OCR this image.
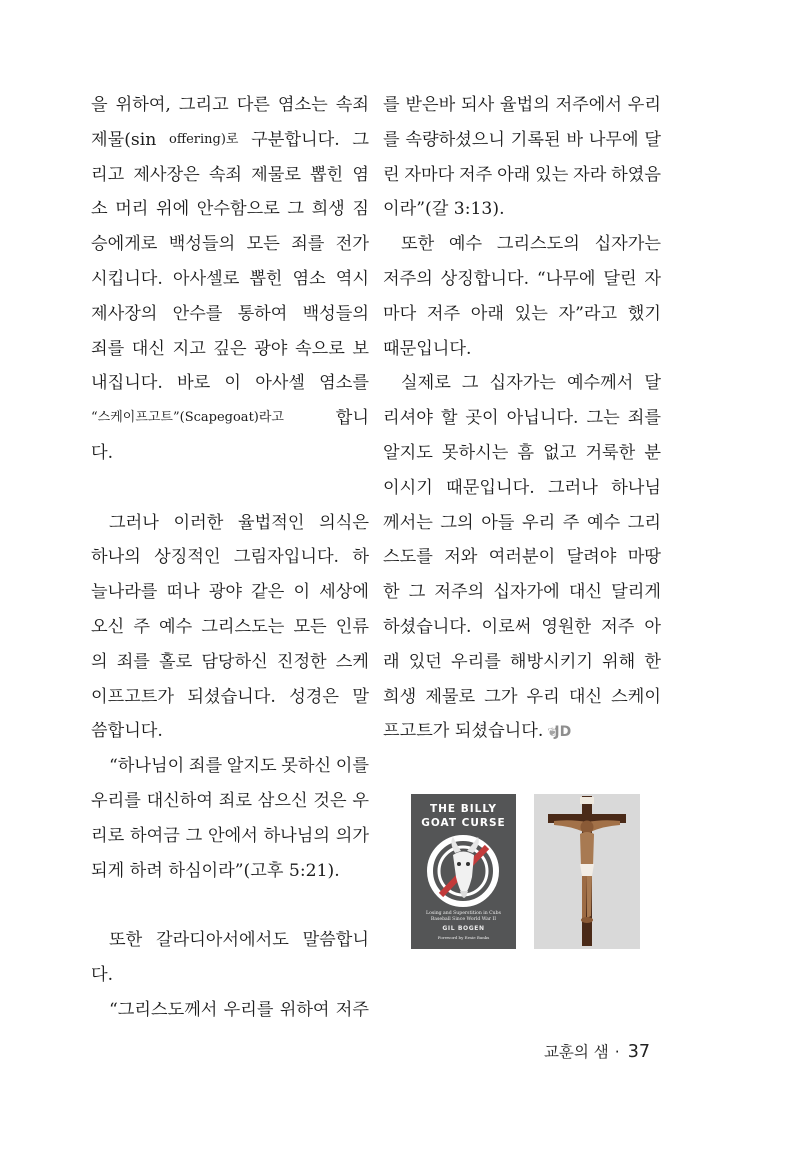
을 위하여, 그리고 다른 염소는 속죄
제물(sin offering)로 구분합니다. 그
리고 제사장은 속죄 제물로 뽑힌 염
소 머리 위에 안수함으로 그 희생 짐
승에게로 백성들의 모든 죄를 전가
시킵니다. 아사셀로 뽑힌 염소 역시
제사장의 안수를 통하여 백성들의
죄를 대신 지고 깊은 광야 속으로 보
내집니다. 바로 이 아사셀 염소를
“스케이프고트”(Scapegoat)라고	합니
다.
그러나 이러한 율법적인 의식은
하나의 상징적인 그림자입니다. 하
늘나라를 떠나 광야 같은 이 세상에
오신 주 예수 그리스도는 모든 인류
의 죄를 홀로 담당하신 진정한 스케
이프고트가 되셨습니다. 성경은 말
씀합니다.
“하나님이 죄를 알지도 못하신 이를
우리를 대신하여 죄로 삼으신 것은 우
리로 하여금 그 안에서 하나님의 의가
되게 하려 하심이라”(고후 5:21).
또한 갈라디아서에서도 말씀합니
다.
“그리스도께서 우리를 위하여 저주
를 받은바 되사 율법의 저주에서 우리
를 속량하셨으니 기록된 바 나무에 달
린 자마다 저주 아래 있는 자라 하였음
이라”(갈 3:13).
또한 예수 그리스도의 십자가는
저주의 상징합니다. “나무에 달린 자
마다 저주 아래 있는 자”라고 했기
때문입니다.
실제로 그 십자가는 예수께서 달
리셔야 할 곳이 아닙니다. 그는 죄를
알지도 못하시는 흠 없고 거룩한 분
이시기 때문입니다. 그러나 하나님
께서는 그의 아들 우리 주 예수 그리
스도를 저와 여러분이 달려야 마땅
한 그 저주의 십자가에 대신 달리게
하셨습니다. 이로써 영원한 저주 아
래 있던 우리를 해방시키기 위해 한
희생 제물로 그가 우리 대신 스케이
프고트가 되셨습니다. ❦JD
THE BILLY
GOAT CURSE
Losing and Superstition in Cubs
Baseball Since World War II
GIL BOGEN
Foreword by Ernie Banks
교훈의 샘 · 37
